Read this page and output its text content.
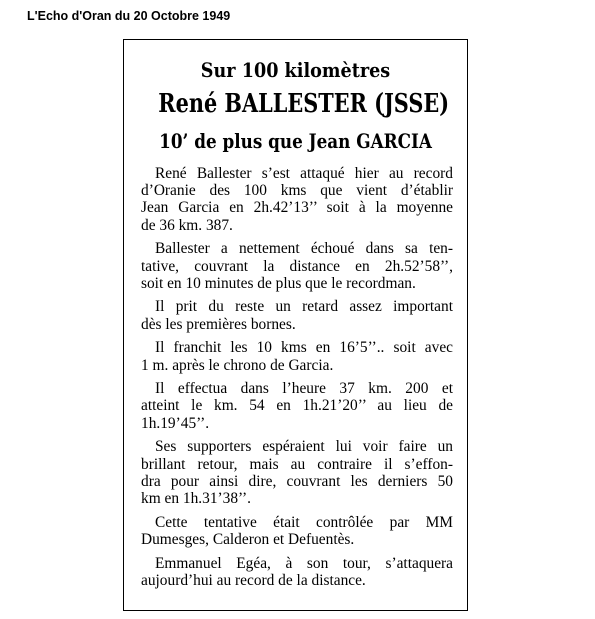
L'Echo d'Oran du 20 Octobre 1949
Sur 100 kilomètres
René BALLESTER (JSSE)
10’ de plus que Jean GARCIA
René Ballester s’est attaqué hier au record
d’Oranie des 100 kms que vient d’établir
Jean Garcia en 2h.42’13’’ soit à la moyenne
de 36 km. 387.
Ballester a nettement échoué dans sa ten-
tative, couvrant la distance en 2h.52’58’’,
soit en 10 minutes de plus que le recordman.
Il prit du reste un retard assez important
dès les premières bornes.
Il franchit les 10 kms en 16’5’’.. soit avec
1 m. après le chrono de Garcia.
Il effectua dans l’heure 37 km. 200 et
atteint le km. 54 en 1h.21’20’’ au lieu de
1h.19’45’’.
Ses supporters espéraient lui voir faire un
brillant retour, mais au contraire il s’effon-
dra pour ainsi dire, couvrant les derniers 50
km en 1h.31’38’’.
Cette tentative était contrôlée par MM
Dumesges, Calderon et Defuentès.
Emmanuel Egéa, à son tour, s’attaquera
aujourd’hui au record de la distance.
